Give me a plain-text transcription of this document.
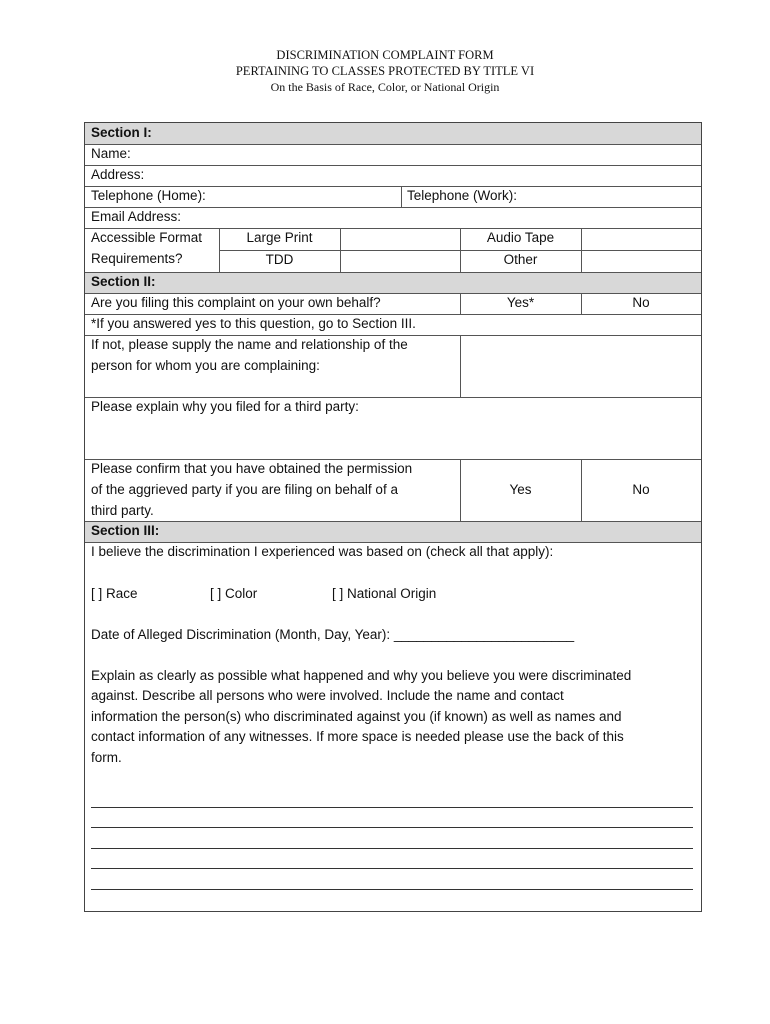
DISCRIMINATION COMPLAINT FORM
PERTAINING TO CLASSES PROTECTED BY TITLE VI
On the Basis of Race, Color, or National Origin
Section I:
Name:
Address:
Telephone (Home):	Telephone (Work):
Email Address:
Accessible Format
Requirements?
Large Print	Audio Tape
TDD	Other
Section II:
Are you filing this complaint on your own behalf?	Yes*	No
*If you answered yes to this question, go to Section III.
If not, please supply the name and relationship of the
person for whom you are complaining:
Please explain why you filed for a third party:
Please confirm that you have obtained the permission
of the aggrieved party if you are filing on behalf of a
third party.
Yes	No
Section III:
I believe the discrimination I experienced was based on (check all that apply):
[ ] Race	[ ] Color	[ ] National Origin
Date of Alleged Discrimination (Month, Day, Year): ________________________
Explain as clearly as possible what happened and why you believe you were discriminated
against. Describe all persons who were involved. Include the name and contact
information the person(s) who discriminated against you (if known) as well as names and
contact information of any witnesses. If more space is needed please use the back of this
form.
